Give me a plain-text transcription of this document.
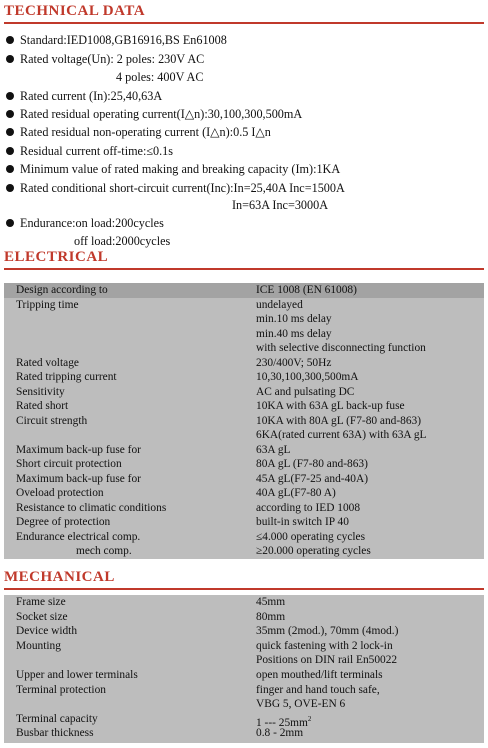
TECHNICAL DATA
Standard:IED1008,GB16916,BS En61008
Rated voltage(Un): 2 poles: 230V AC
4 poles: 400V AC
Rated current (In):25,40,63A
Rated residual operating current(I△n):30,100,300,500mA
Rated residual non-operating current (I△n):0.5 I△n
Residual current off-time:≤0.1s
Minimum value of rated making and breaking capacity (Im):1KA
Rated conditional short-circuit current(Inc):In=25,40A Inc=1500A
In=63A Inc=3000A
Endurance:on load:200cycles
off load:2000cycles
ELECTRICAL
Design according to	ICE 1008 (EN 61008)
Tripping time	undelayed
min.10 ms delay
min.40 ms delay
with selective disconnecting function
Rated voltage	230/400V; 50Hz
Rated tripping current	10,30,100,300,500mA
Sensitivity	AC and pulsating DC
Rated short	10KA with 63A gL back-up fuse
Circuit strength	10KA with 80A gL (F7-80 and-863)
6KA(rated current 63A) with 63A gL
Maximum back-up fuse for	63A gL
Short circuit protection	80A gL (F7-80 and-863)
Maximum back-up fuse for	45A gL(F7-25 and-40A)
Oveload protection	40A gL(F7-80 A)
Resistance to climatic conditions	according to IED 1008
Degree of protection	built-in switch IP 40
Endurance electrical comp.	≤4.000 operating cycles
mech comp.	≥20.000 operating cycles
MECHANICAL
Frame size	45mm
Socket size	80mm
Device width	35mm (2mod.), 70mm (4mod.)
Mounting	quick fastening with 2 lock-in
Positions on DIN rail En50022
Upper and lower terminals	open mouthed/lift terminals
Terminal protection	finger and hand touch safe,
VBG 5, OVE-EN 6
Terminal capacity	1 --- $25mm^2$
Busbar thickness	0.8 - 2mm
